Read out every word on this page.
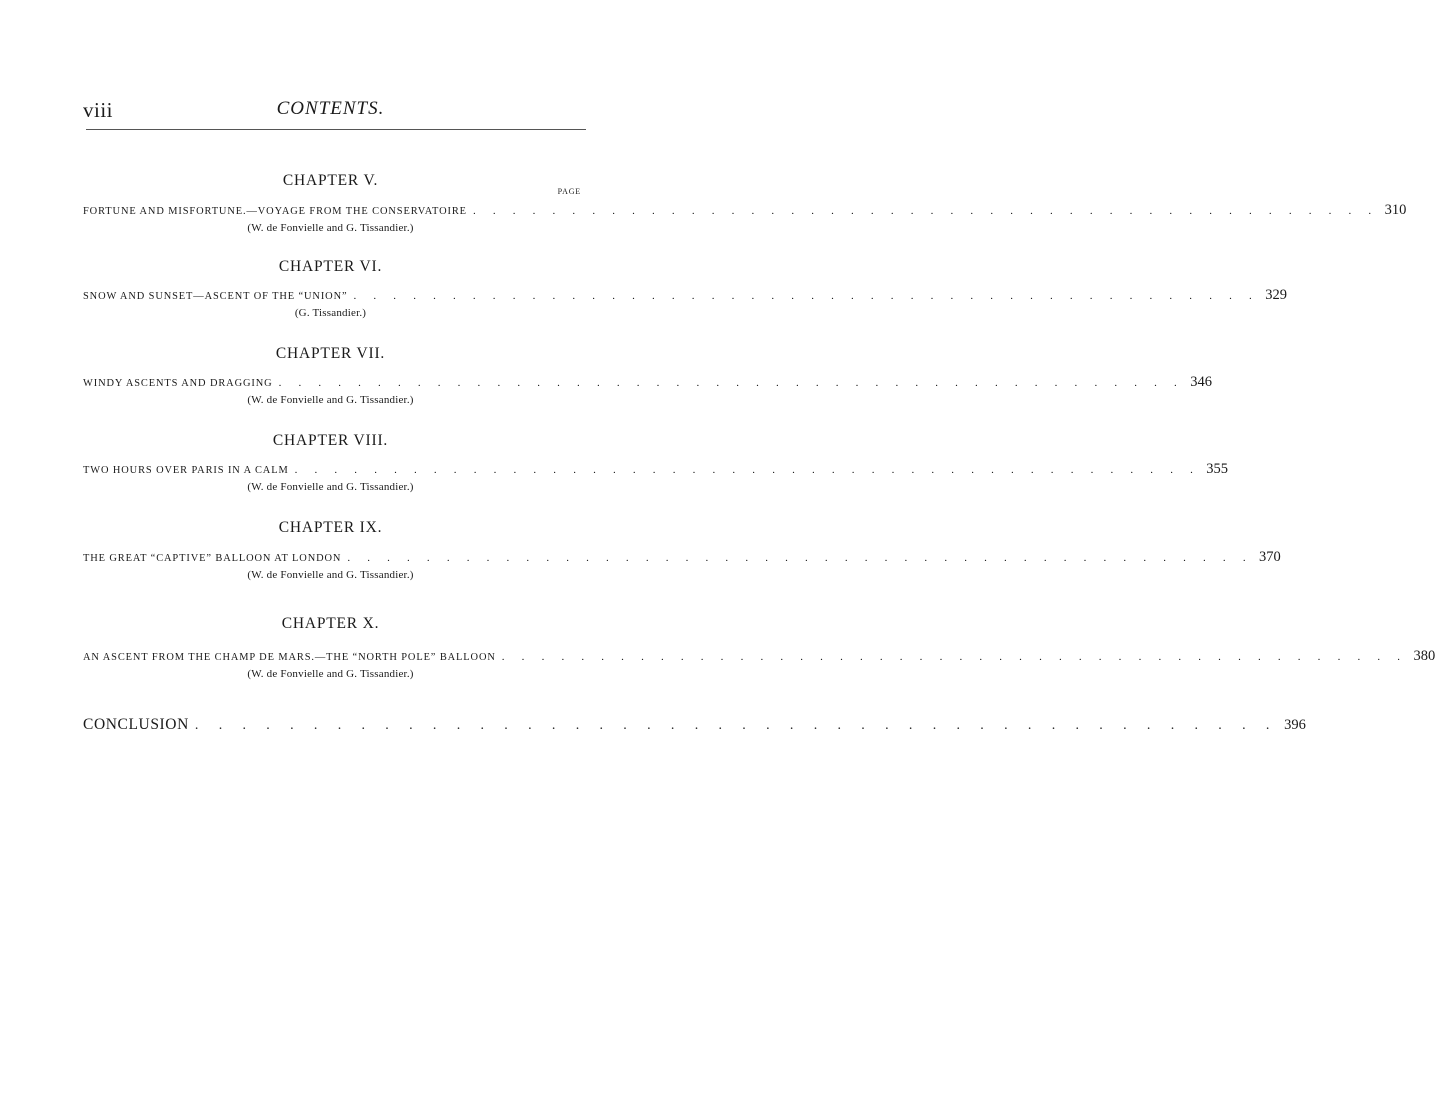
viii	CONTENTS.
CHAPTER V.
PAGE
FORTUNE AND MISFORTUNE.—VOYAGE FROM THE CONSERVATOIRE . . . . . . . . . . . . . . . . . . . . . . . . . . . . . . . . . . . . . . . . . . . . . . 310
(W. de Fonvielle and G. Tissandier.)
CHAPTER VI.
SNOW AND SUNSET—ASCENT OF THE “UNION” . . . . . . . . . . . . . . . . . . . . . . . . . . . . . . . . . . . . . . . . . . . . . . 329
(G. Tissandier.)
CHAPTER VII.
WINDY ASCENTS AND DRAGGING . . . . . . . . . . . . . . . . . . . . . . . . . . . . . . . . . . . . . . . . . . . . . . 346
(W. de Fonvielle and G. Tissandier.)
CHAPTER VIII.
TWO HOURS OVER PARIS IN A CALM . . . . . . . . . . . . . . . . . . . . . . . . . . . . . . . . . . . . . . . . . . . . . . 355
(W. de Fonvielle and G. Tissandier.)
CHAPTER IX.
THE GREAT “CAPTIVE” BALLOON AT LONDON . . . . . . . . . . . . . . . . . . . . . . . . . . . . . . . . . . . . . . . . . . . . . . 370
(W. de Fonvielle and G. Tissandier.)
CHAPTER X.
AN ASCENT FROM THE CHAMP DE MARS.—THE “NORTH POLE” BALLOON . . . . . . . . . . . . . . . . . . . . . . . . . . . . . . . . . . . . . . . . . . . . . . 380
(W. de Fonvielle and G. Tissandier.)
CONCLUSION . . . . . . . . . . . . . . . . . . . . . . . . . . . . . . . . . . . . . . . . . . . . . . 396
